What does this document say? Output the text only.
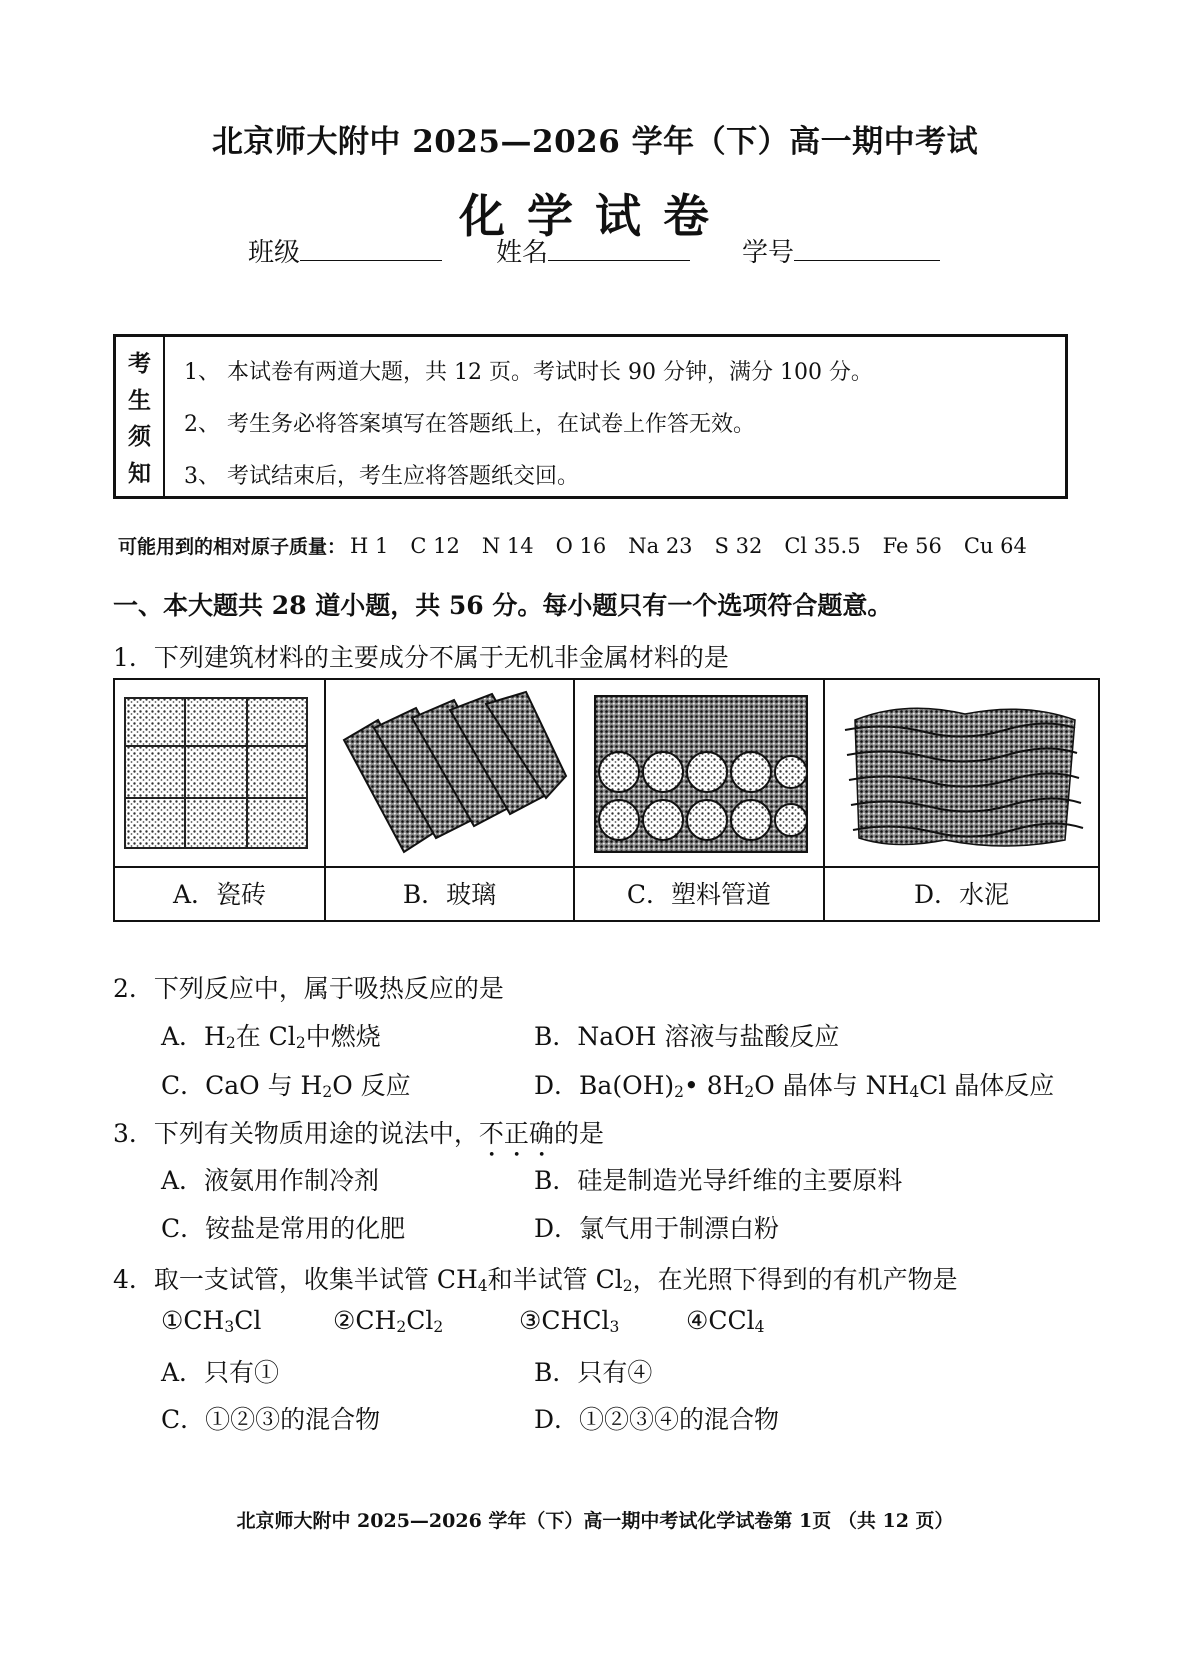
北京师大附中 2025—2026 学年（下）高一期中考试
化学试卷
班级	姓名	学号
考
生
须
知
1、 本试卷有两道大题，共 12 页。考试时长 90 分钟，满分 100 分。
2、 考生务必将答案填写在答题纸上，在试卷上作答无效。
3、 考试结束后，考生应将答题纸交回。
可能用到的相对原子质量： H 1 C 12 N 14 O 16 Na 23 S 32 Cl 35.5 Fe 56 Cu 64
一、本大题共 28 道小题，共 56 分。每小题只有一个选项符合题意。
1．下列建筑材料的主要成分不属于无机非金属材料的是
A．瓷砖	B．玻璃	C．塑料管道	D．水泥
2．下列反应中，属于吸热反应的是
A．$H_2$在 $Cl_2$中燃烧	B．NaOH 溶液与盐酸反应
C．CaO 与 $H_2O$ 反应	D．$Ba(OH)_2•$ $8H_2O$ 晶体与 $NH_4Cl$ 晶体反应
3．下列有关物质用途的说法中，不正确的是
A．液氨用作制冷剂	B．硅是制造光导纤维的主要原料
C．铵盐是常用的化肥	D．氯气用于制漂白粉
4．取一支试管，收集半试管 $CH_4$和半试管 $Cl_2$，在光照下得到的有机产物是
$①CH_3Cl$	$②CH_2Cl_2$	③CHCl$_3$	④CCl$_4$
A．只有①	B．只有④
C．①②③的混合物	D．①②③④的混合物
北京师大附中 2025—2026 学年（下）高一期中考试化学试卷第 1页 （共 12 页）
